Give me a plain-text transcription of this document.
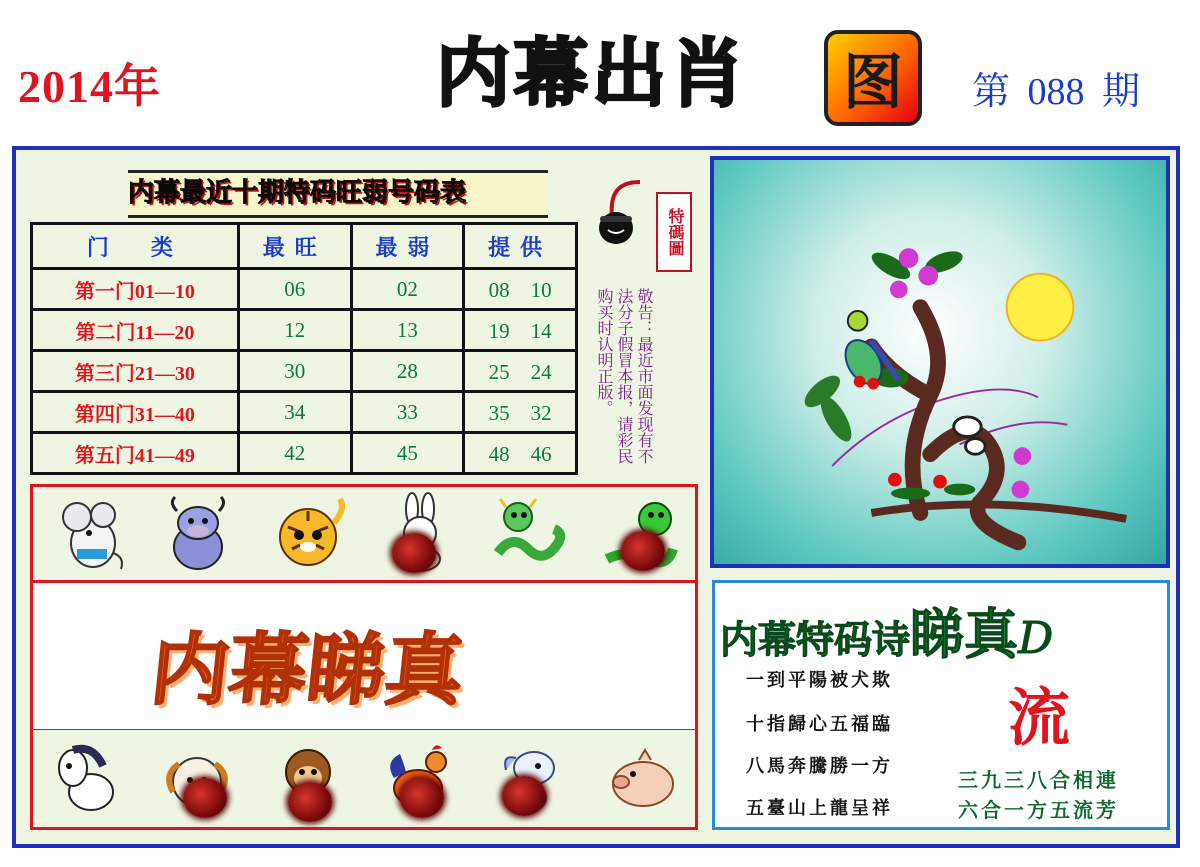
2014年	内 幕 出 肖	图	第 088 期
内幕最近十期特码旺弱号码表
门　类	最旺	最弱	提供
第一门01—10	06	02	08　10
第二门11—20	12	13	19　14
第三门21—30	30	28	25　24
第四门31—40	34	33	35　32
第五门41—49	42	45	48　46
特碼圖
敬告：最近市面发现有不法分子假冒本报，请彩民购买时认明正版。
内幕睇真	内幕特码诗睇真D
一到平陽被犬欺
十指歸心五福臨
八馬奔騰勝一方
五臺山上龍呈祥
流
三九三八合相連
六合一方五流芳
